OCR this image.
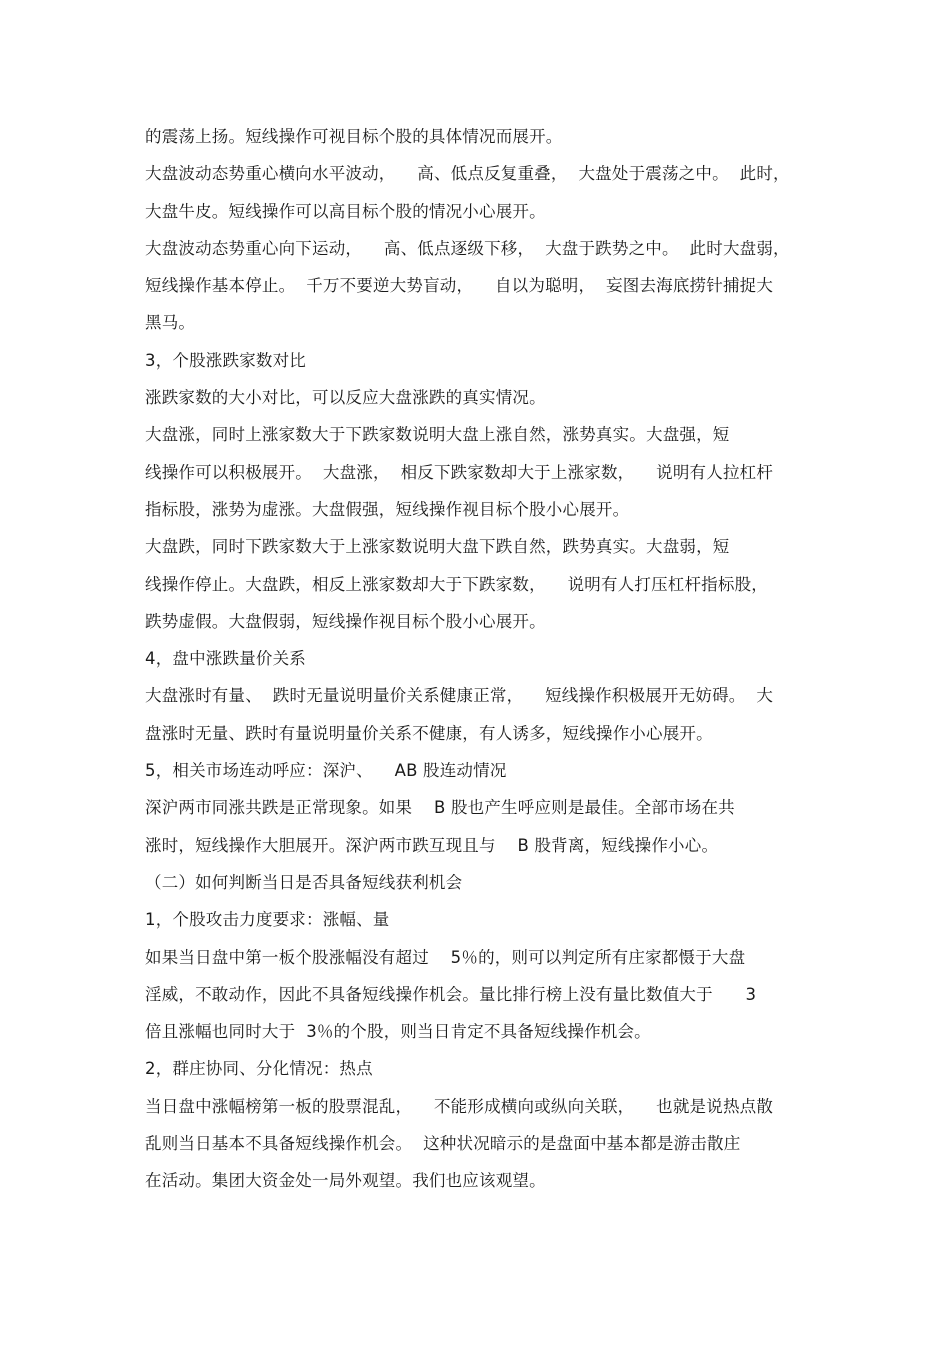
的震荡上扬。短线操作可视目标个股的具体情况而展开。
大盘波动态势重心横向水平波动，    高、低点反复重叠，  大盘处于震荡之中。  此时，
大盘牛皮。短线操作可以高目标个股的情况小心展开。
大盘波动态势重心向下运动，    高、低点逐级下移，  大盘于跌势之中。  此时大盘弱，
短线操作基本停止。  千万不要逆大势盲动，    自以为聪明，  妄图去海底捞针捕捉大
黑马。
3，个股涨跌家数对比
涨跌家数的大小对比，可以反应大盘涨跌的真实情况。
大盘涨，同时上涨家数大于下跌家数说明大盘上涨自然，涨势真实。大盘强，短
线操作可以积极展开。  大盘涨，  相反下跌家数却大于上涨家数，    说明有人拉杠杆
指标股，涨势为虚涨。大盘假强，短线操作视目标个股小心展开。
大盘跌，同时下跌家数大于上涨家数说明大盘下跌自然，跌势真实。大盘弱，短
线操作停止。大盘跌，相反上涨家数却大于下跌家数，    说明有人打压杠杆指标股，
跌势虚假。大盘假弱，短线操作视目标个股小心展开。
4，盘中涨跌量价关系
大盘涨时有量、  跌时无量说明量价关系健康正常，    短线操作积极展开无妨碍。  大
盘涨时无量、跌时有量说明量价关系不健康，有人诱多，短线操作小心展开。
5，相关市场连动呼应：深沪、    AB 股连动情况
深沪两市同涨共跌是正常现象。如果    B 股也产生呼应则是最佳。全部市场在共
涨时，短线操作大胆展开。深沪两市跌互现且与    B 股背离，短线操作小心。
（二）如何判断当日是否具备短线获利机会
1，个股攻击力度要求：涨幅、量
如果当日盘中第一板个股涨幅没有超过    5％的，则可以判定所有庄家都慑于大盘
淫威，不敢动作，因此不具备短线操作机会。量比排行榜上没有量比数值大于      3
倍且涨幅也同时大于  3％的个股，则当日肯定不具备短线操作机会。
2，群庄协同、分化情况：热点
当日盘中涨幅榜第一板的股票混乱，    不能形成横向或纵向关联，    也就是说热点散
乱则当日基本不具备短线操作机会。  这种状况暗示的是盘面中基本都是游击散庄
在活动。集团大资金处一局外观望。我们也应该观望。
